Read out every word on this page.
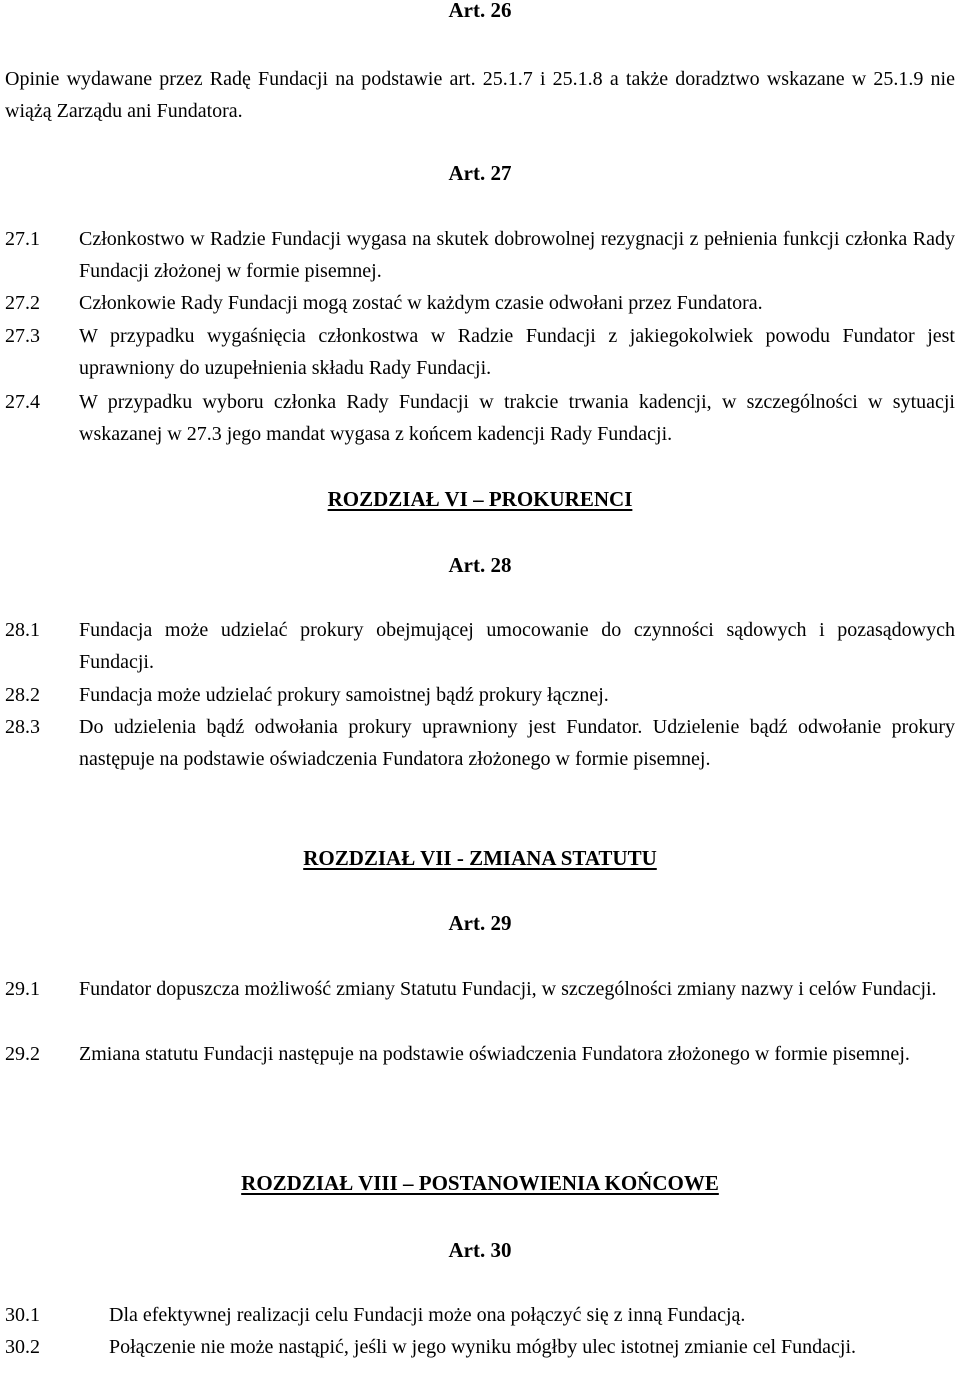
Art. 26

Opinie wydawane przez Radę Fundacji na podstawie art. 25.1.7 i 25.1.8 a także doradztwo wskazane w 25.1.9 nie wiążą Zarządu ani Fundatora.

Art. 27
27.1 Członkostwo w Radzie Fundacji wygasa na skutek dobrowolnej rezygnacji z pełnienia funkcji członka Rady Fundacji złożonej w formie pisemnej.

27.2 Członkowie Rady Fundacji mogą zostać w każdym czasie odwołani przez Fundatora.

27.3 W przypadku wygaśnięcia członkostwa w Radzie Fundacji z jakiegokolwiek powodu Fundator jest uprawniony do uzupełnienia składu Rady Fundacji.

27.4 W przypadku wyboru członka Rady Fundacji w trakcie trwania kadencji, w szczególności w sytuacji wskazanej w 27.3 jego mandat wygasa z końcem kadencji Rady Fundacji.

ROZDZIAŁ VI – PROKURENCI
Art. 28
28.1 Fundacja może udzielać prokury obejmującej umocowanie do czynności sądowych i pozasądowych Fundacji.

28.2 Fundacja może udzielać prokury samoistnej bądź prokury łącznej.

28.3 Do udzielenia bądź odwołania prokury uprawniony jest Fundator. Udzielenie bądź odwołanie prokury następuje na podstawie oświadczenia Fundatora złożonego w formie pisemnej.

ROZDZIAŁ VII - ZMIANA STATUTU
Art. 29
29.1 Fundator dopuszcza możliwość zmiany Statutu Fundacji, w szczególności zmiany nazwy i celów Fundacji.

29.2 Zmiana statutu Fundacji następuje na podstawie oświadczenia Fundatora złożonego w formie pisemnej.

ROZDZIAŁ VIII – POSTANOWIENIA KOŃCOWE
Art. 30
30.1	Dla efektywnej realizacji celu Fundacji może ona połączyć się z inną Fundacją.

30.2	Połączenie nie może nastąpić, jeśli w jego wyniku mógłby ulec istotnej zmianie cel Fundacji.
